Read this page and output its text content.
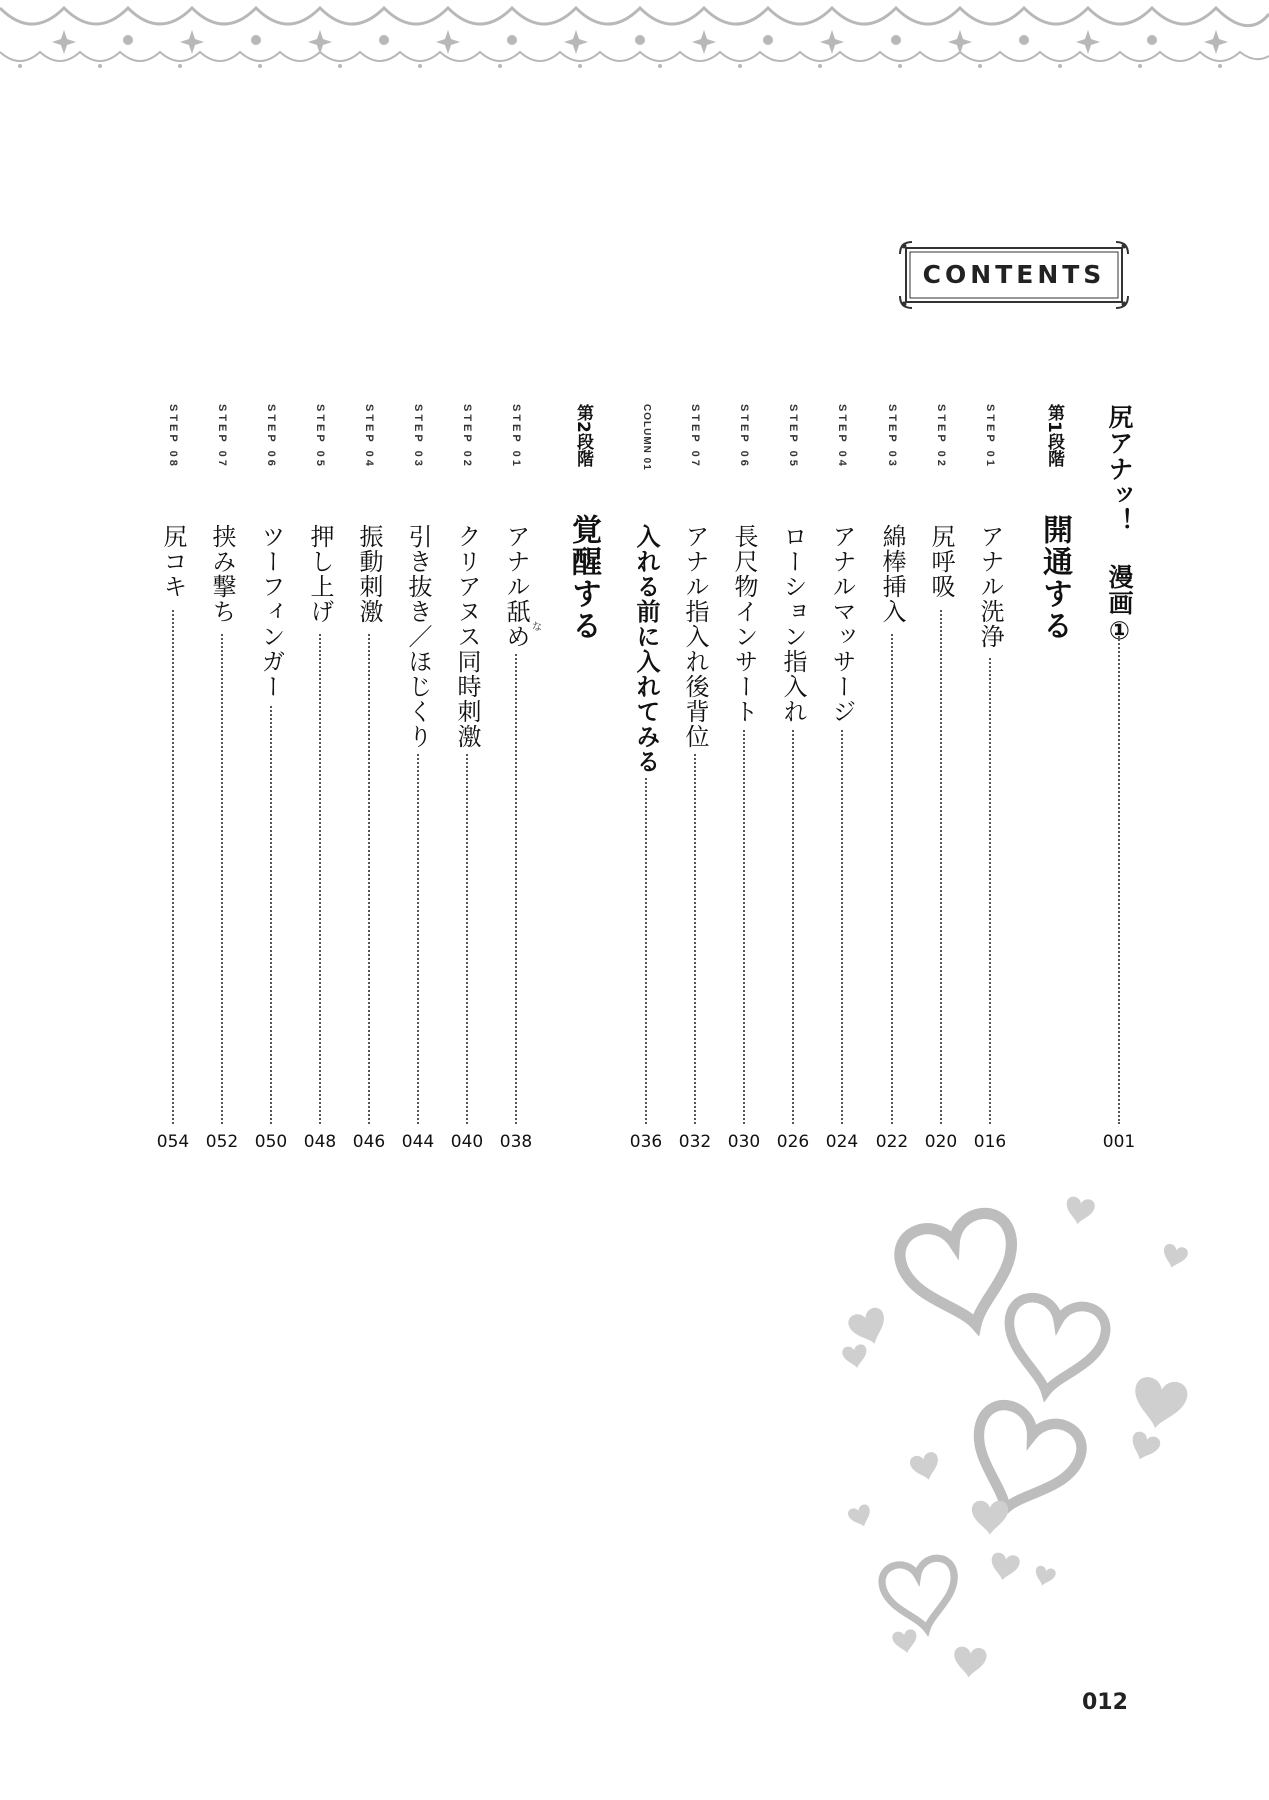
CONTENTS
尻アナッ！ 漫画①
001
第1段階
開通する
STEP 01
アナル洗浄
016
STEP 02
尻呼吸
020
STEP 03
綿棒挿入
022
STEP 04
アナルマッサージ
024
STEP 05
ローション指入れ
026
STEP 06
長尺物インサート
030
STEP 07
アナル指入れ後背位
032
COLUMN 01
入れる前に入れてみる
036
第2段階
覚醒する
STEP 01
アナル舐め な
038
STEP 02
クリアヌス同時刺激
040
STEP 03
引き抜き／ほじくり
044
STEP 04
振動刺激
046
STEP 05
押し上げ
048
STEP 06
ツーフィンガー
050
STEP 07
挟み撃ち
052
STEP 08
尻コキ
054
012
